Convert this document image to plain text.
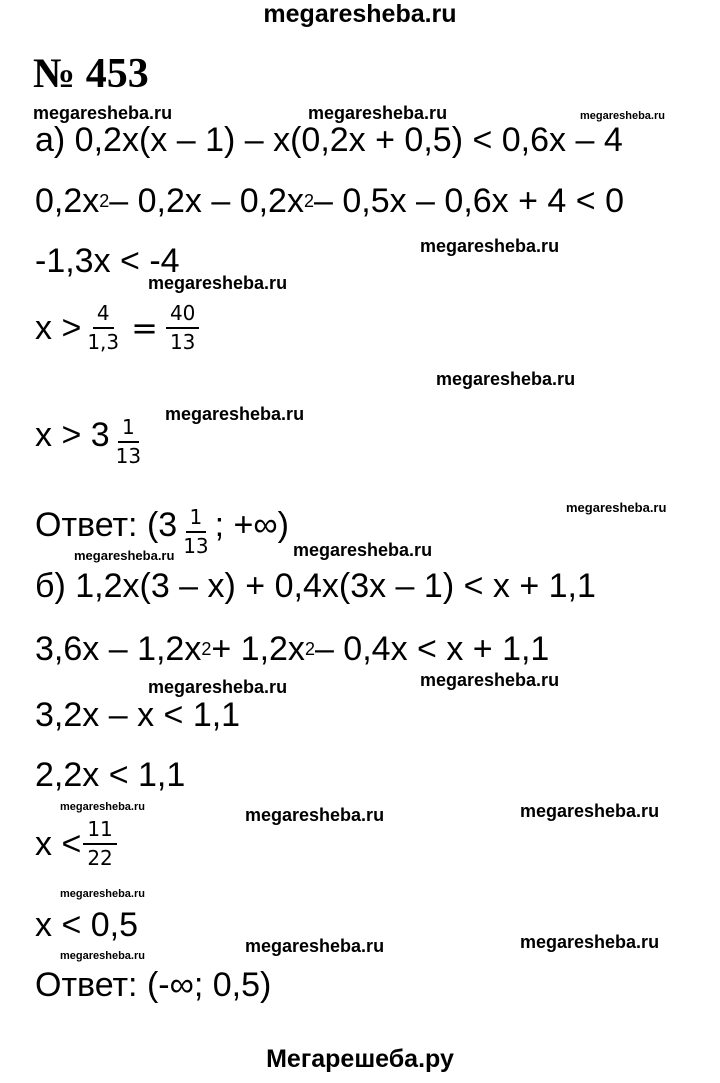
megaresheba.ru
№ 453
megaresheba.ru	megaresheba.ru	megaresheba.ru
megaresheba.ru
megaresheba.ru
megaresheba.ru
megaresheba.ru
megaresheba.ru
megaresheba.ru	megaresheba.ru
megaresheba.ru	megaresheba.ru
megaresheba.ru	megaresheba.ru	megaresheba.ru
megaresheba.ru
megaresheba.ru	megaresheba.ru
megaresheba.ru
а) 0,2x(x – 1) – x(0,2x + 0,5) < 0,6x – 4
0,2x 2 – 0,2x – 0,2x 2 – 0,5x – 0,6x + 4 < 0
-1,3x < -4
$x > \frac{4}{1,3} = \frac{40}{13}$
$x > 3 \frac{1}{13}$
Ответ: ($3 \frac{1}{13}$ ; +∞)
б) 1,2x(3 – x) + 0,4x(3x – 1) < x + 1,1
3,6x – 1,2x 2 + 1,2x 2 – 0,4x < x + 1,1
3,2x – x < 1,1
2,2x < 1,1
$x < \frac{11}{22}$
x < 0,5
Ответ: (-∞; 0,5)
Мегарешеба.ру
